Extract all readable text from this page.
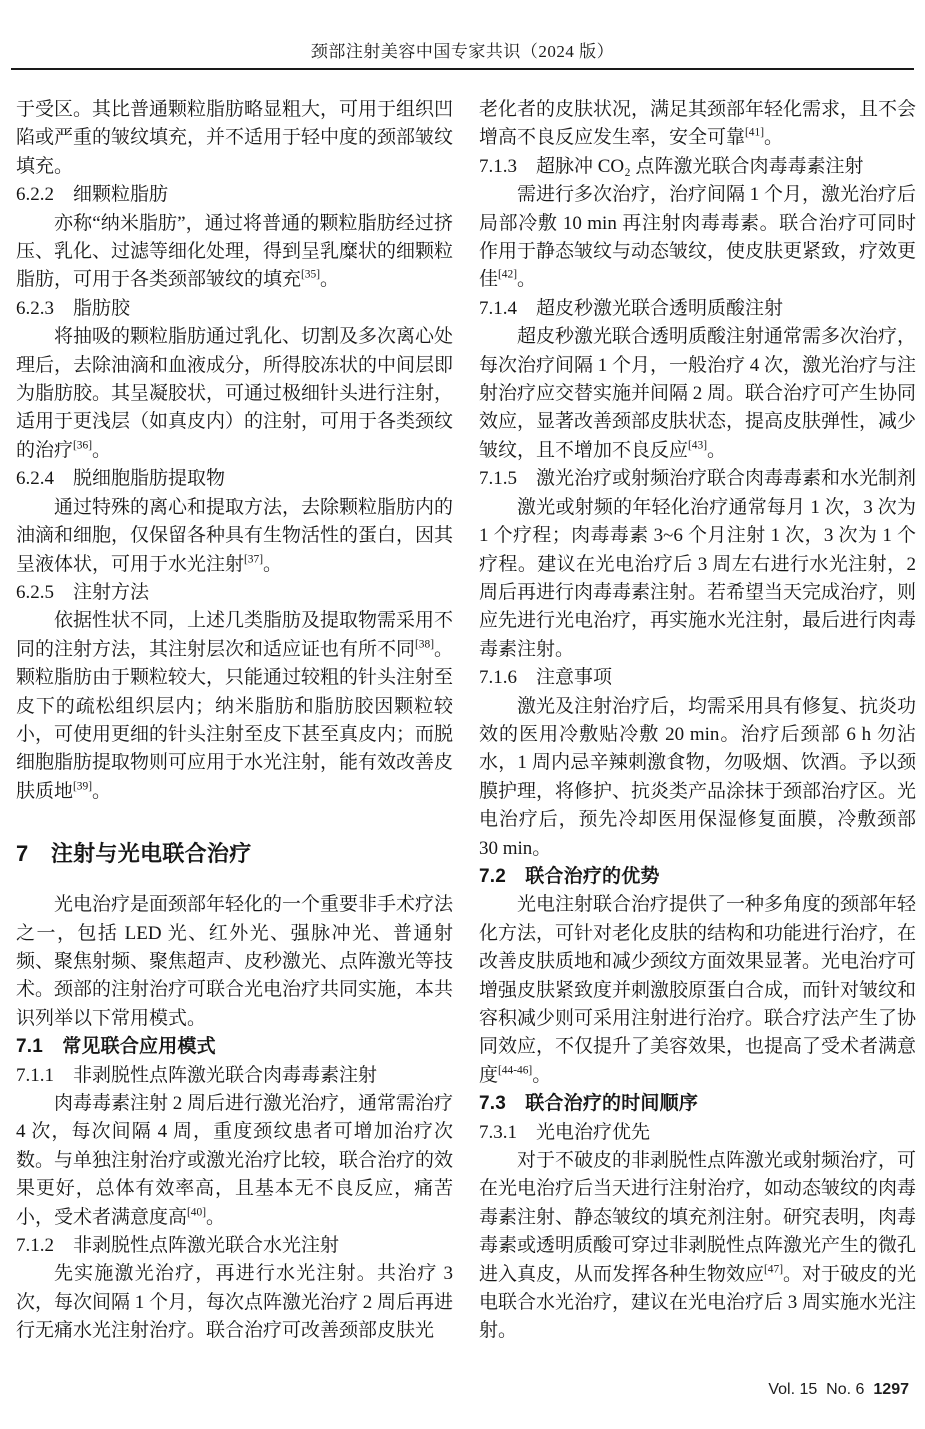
颈部注射美容中国专家共识（2024 版）

于受区。其比普通颗粒脂肪略显粗大，可用于组织凹陷或严重的皱纹填充，并不适用于轻中度的颈部皱纹填充。

6.2.2　细颗粒脂肪

亦称“纳米脂肪”，通过将普通的颗粒脂肪经过挤压、乳化、过滤等细化处理，得到呈乳糜状的细颗粒脂肪，可用于各类颈部皱纹的填充[35]。

6.2.3　脂肪胶

将抽吸的颗粒脂肪通过乳化、切割及多次离心处理后，去除油滴和血液成分，所得胶冻状的中间层即为脂肪胶。其呈凝胶状，可通过极细针头进行注射，适用于更浅层（如真皮内）的注射，可用于各类颈纹的治疗[36]。

6.2.4　脱细胞脂肪提取物

通过特殊的离心和提取方法，去除颗粒脂肪内的油滴和细胞，仅保留各种具有生物活性的蛋白，因其呈液体状，可用于水光注射[37]。

6.2.5　注射方法

依据性状不同，上述几类脂肪及提取物需采用不同的注射方法，其注射层次和适应证也有所不同[38]。颗粒脂肪由于颗粒较大，只能通过较粗的针头注射至皮下的疏松组织层内；纳米脂肪和脂肪胶因颗粒较小，可使用更细的针头注射至皮下甚至真皮内；而脱细胞脂肪提取物则可应用于水光注射，能有效改善皮肤质地[39]。

7　注射与光电联合治疗

光电治疗是面颈部年轻化的一个重要非手术疗法之一，包括 LED 光、红外光、强脉冲光、普通射频、聚焦射频、聚焦超声、皮秒激光、点阵激光等技术。颈部的注射治疗可联合光电治疗共同实施，本共识列举以下常用模式。

7.1　常见联合应用模式
7.1.1　非剥脱性点阵激光联合肉毒毒素注射

肉毒毒素注射 2 周后进行激光治疗，通常需治疗 4 次，每次间隔 4 周，重度颈纹患者可增加治疗次数。与单独注射治疗或激光治疗比较，联合治疗的效果更好，总体有效率高，且基本无不良反应，痛苦小，受术者满意度高[40]。

7.1.2　非剥脱性点阵激光联合水光注射

先实施激光治疗，再进行水光注射。共治疗 3 次，每次间隔 1 个月，每次点阵激光治疗 2 周后再进行无痛水光注射治疗。联合治疗可改善颈部皮肤光

老化者的皮肤状况，满足其颈部年轻化需求，且不会增高不良反应发生率，安全可靠[41]。

7.1.3　超脉冲 CO₂ 点阵激光联合肉毒毒素注射

需进行多次治疗，治疗间隔 1 个月，激光治疗后局部冷敷 10 min 再注射肉毒毒素。联合治疗可同时作用于静态皱纹与动态皱纹，使皮肤更紧致，疗效更佳[42]。

7.1.4　超皮秒激光联合透明质酸注射

超皮秒激光联合透明质酸注射通常需多次治疗，每次治疗间隔 1 个月，一般治疗 4 次，激光治疗与注射治疗应交替实施并间隔 2 周。联合治疗可产生协同效应，显著改善颈部皮肤状态，提高皮肤弹性，减少皱纹，且不增加不良反应[43]。

7.1.5　激光治疗或射频治疗联合肉毒毒素和水光制剂

激光或射频的年轻化治疗通常每月 1 次，3 次为 1 个疗程；肉毒毒素 3~6 个月注射 1 次，3 次为 1 个疗程。建议在光电治疗后 3 周左右进行水光注射，2 周后再进行肉毒毒素注射。若希望当天完成治疗，则应先进行光电治疗，再实施水光注射，最后进行肉毒毒素注射。

7.1.6　注意事项

激光及注射治疗后，均需采用具有修复、抗炎功效的医用冷敷贴冷敷 20 min。治疗后颈部 6 h 勿沾水，1 周内忌辛辣刺激食物，勿吸烟、饮酒。予以颈膜护理，将修护、抗炎类产品涂抹于颈部治疗区。光电治疗后，预先冷却医用保湿修复面膜，冷敷颈部 30 min。

7.2　联合治疗的优势

光电注射联合治疗提供了一种多角度的颈部年轻化方法，可针对老化皮肤的结构和功能进行治疗，在改善皮肤质地和减少颈纹方面效果显著。光电治疗可增强皮肤紧致度并刺激胶原蛋白合成，而针对皱纹和容积减少则可采用注射进行治疗。联合疗法产生了协同效应，不仅提升了美容效果，也提高了受术者满意度[44-46]。

7.3　联合治疗的时间顺序
7.3.1　光电治疗优先

对于不破皮的非剥脱性点阵激光或射频治疗，可在光电治疗后当天进行注射治疗，如动态皱纹的肉毒毒素注射、静态皱纹的填充剂注射。研究表明，肉毒毒素或透明质酸可穿过非剥脱性点阵激光产生的微孔进入真皮，从而发挥各种生物效应[47]。对于破皮的光电联合水光治疗，建议在光电治疗后 3 周实施水光注射。

Vol. 15  No. 6 1297
